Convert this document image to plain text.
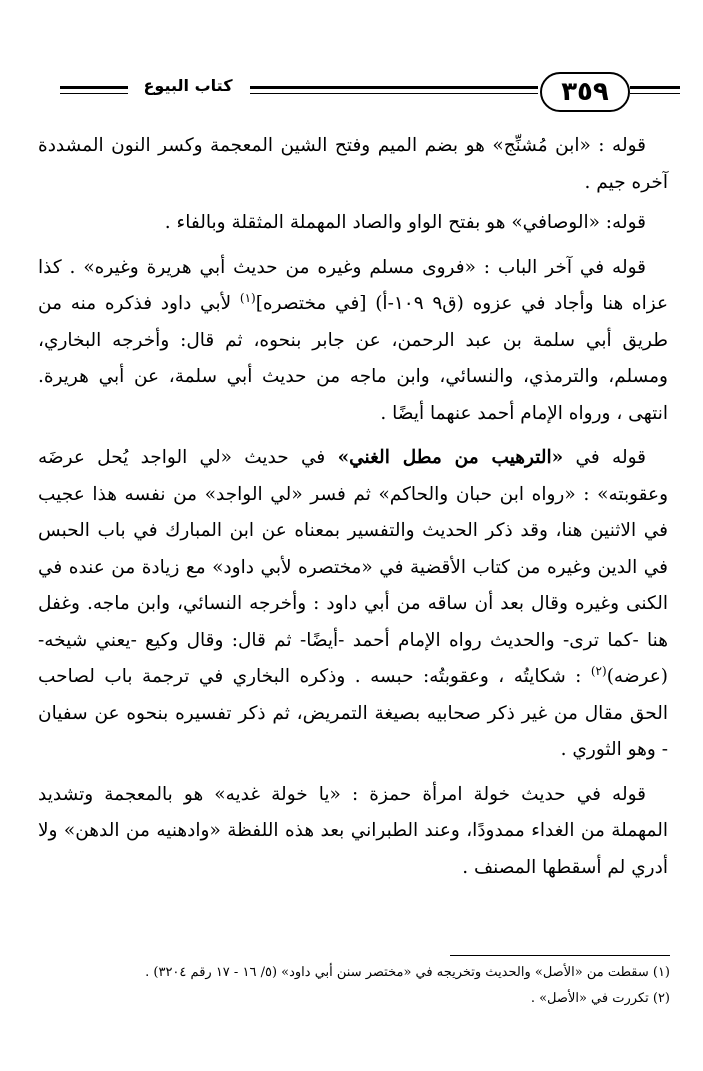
٣٥٩
كتاب البيوع

قوله : «ابن مُشنِّج» هو بضم الميم وفتح الشين المعجمة وكسر النون المشددة آخره جيم .

قوله: «الوصافي» هو بفتح الواو والصاد المهملة المثقلة وبالفاء .

قوله في آخر الباب : «فروى مسلم وغيره من حديث أبي هريرة وغيره» . كذا عزاه هنا وأجاد في عزوه (ق٩ ١٠٩-أ) [في مختصره]$^{(١)}$ لأبي داود فذكره منه من طريق أبي سلمة بن عبد الرحمن، عن جابر بنحوه، ثم قال: وأخرجه البخاري، ومسلم، والترمذي، والنسائي، وابن ماجه من حديث أبي سلمة، عن أبي هريرة. انتهى ، ورواه الإمام أحمد عنهما أيضًا .

قوله في «الترهيب من مطل الغني» في حديث «لي الواجد يُحل عرضَه وعقوبته» : «رواه ابن حبان والحاكم» ثم فسر «لي الواجد» من نفسه هذا عجيب في الاثنين هنا، وقد ذكر الحديث والتفسير بمعناه عن ابن المبارك في باب الحبس في الدين وغيره من كتاب الأقضية في «مختصره لأبي داود» مع زيادة من عنده في الكنى وغيره وقال بعد أن ساقه من أبي داود : وأخرجه النسائي، وابن ماجه. وغفل هنا -كما ترى- والحديث رواه الإمام أحمد -أيضًا- ثم قال: وقال وكيع -يعني شيخه- (عرضه)$^{(٢)}$ : شكايتُه ، وعقوبتُه: حبسه . وذكره البخاري في ترجمة باب لصاحب الحق مقال من غير ذكر صحابيه بصيغة التمريض، ثم ذكر تفسيره بنحوه عن سفيان - وهو الثوري .

قوله في حديث خولة امرأة حمزة : «يا خولة غديه» هو بالمعجمة وتشديد المهملة من الغداء ممدودًا، وعند الطبراني بعد هذه اللفظة «وادهنيه من الدهن» ولا أدري لم أسقطها المصنف .

(١) سقطت من «الأصل» والحديث وتخريجه في «مختصر سنن أبي داود» (٥/ ١٦ - ١٧ رقم ٣٢٠٤) .

(٢) تكررت في «الأصل» .
